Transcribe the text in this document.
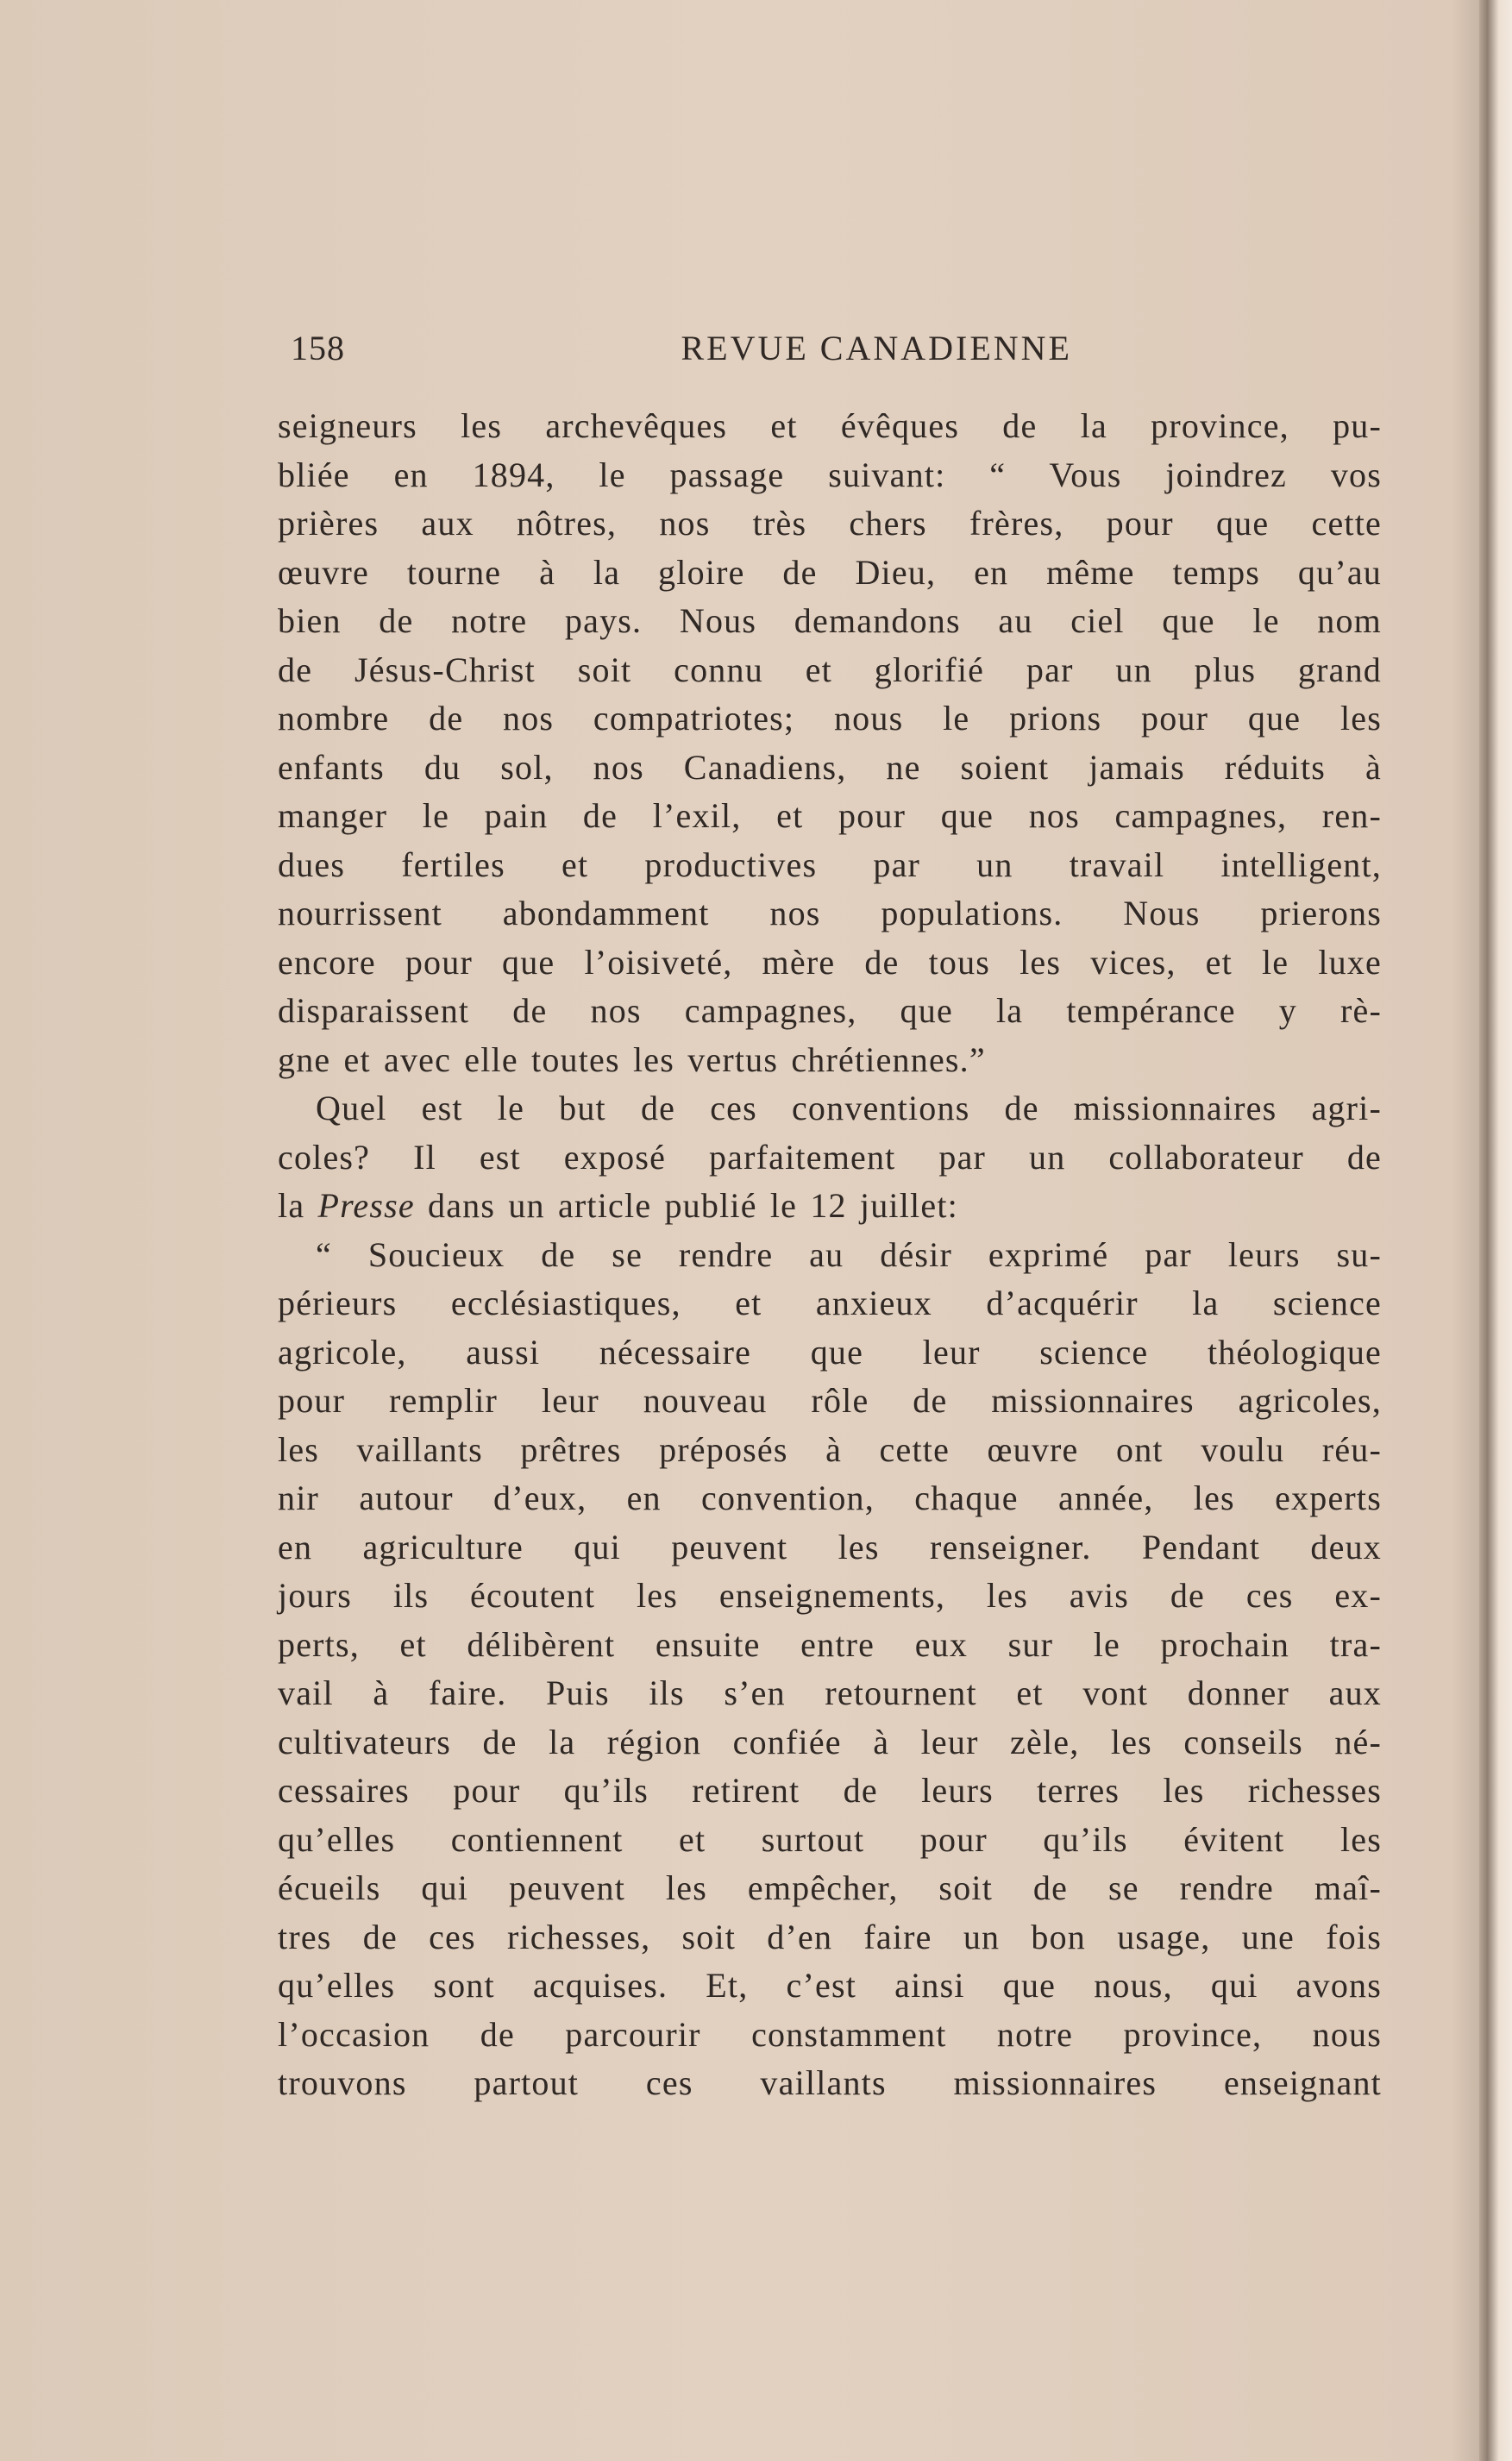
158	REVUE CANADIENNE
seigneurs les archevêques et évêques de la province, pu-
bliée en 1894, le passage suivant: “ Vous joindrez vos
prières aux nôtres, nos très chers frères, pour que cette
œuvre tourne à la gloire de Dieu, en même temps qu’au
bien de notre pays. Nous demandons au ciel que le nom
de Jésus-Christ soit connu et glorifié par un plus grand
nombre de nos compatriotes; nous le prions pour que les
enfants du sol, nos Canadiens, ne soient jamais réduits à
manger le pain de l’exil, et pour que nos campagnes, ren-
dues fertiles et productives par un travail intelligent,
nourrissent abondamment nos populations. Nous prierons
encore pour que l’oisiveté, mère de tous les vices, et le luxe
disparaissent de nos campagnes, que la tempérance y rè-
gne et avec elle toutes les vertus chrétiennes.”
Quel est le but de ces conventions de missionnaires agri-
coles? Il est exposé parfaitement par un collaborateur de
la Presse dans un article publié le 12 juillet:
“ Soucieux de se rendre au désir exprimé par leurs su-
périeurs ecclésiastiques, et anxieux d’acquérir la science
agricole, aussi nécessaire que leur science théologique
pour remplir leur nouveau rôle de missionnaires agricoles,
les vaillants prêtres préposés à cette œuvre ont voulu réu-
nir autour d’eux, en convention, chaque année, les experts
en agriculture qui peuvent les renseigner. Pendant deux
jours ils écoutent les enseignements, les avis de ces ex-
perts, et délibèrent ensuite entre eux sur le prochain tra-
vail à faire. Puis ils s’en retournent et vont donner aux
cultivateurs de la région confiée à leur zèle, les conseils né-
cessaires pour qu’ils retirent de leurs terres les richesses
qu’elles contiennent et surtout pour qu’ils évitent les
écueils qui peuvent les empêcher, soit de se rendre maî-
tres de ces richesses, soit d’en faire un bon usage, une fois
qu’elles sont acquises. Et, c’est ainsi que nous, qui avons
l’occasion de parcourir constamment notre province, nous
trouvons partout ces vaillants missionnaires enseignant
